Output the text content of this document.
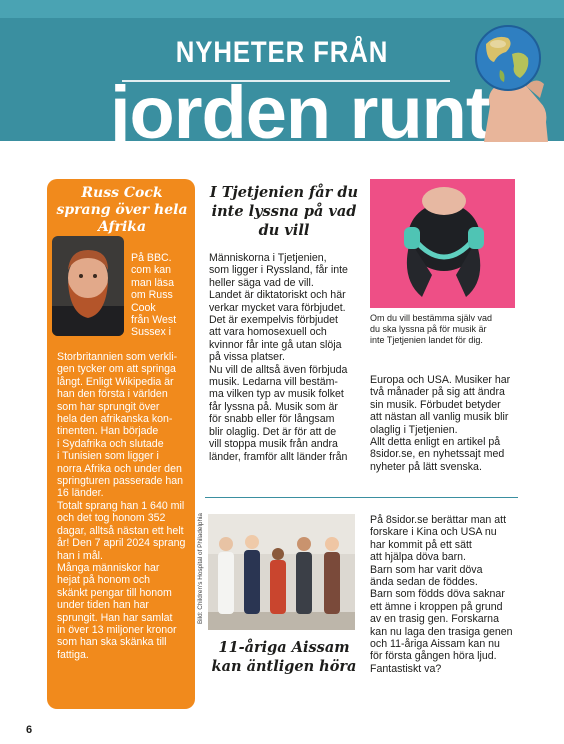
NYHETER FRÅN
jorden runt
Russ Cock sprang över hela Afrika

På BBC.

com kan

man läsa

om Russ

Cook

från West

Sussex i

Storbritannien som verkli-

gen tycker om att springa

långt. Enligt Wikipedia är

han den första i världen

som har sprungit över

hela den afrikanska kon-

tinenten. Han började

i Sydafrika och slutade

i Tunisien som ligger i

norra Afrika och under den

springturen passerade han

16 länder.

Totalt sprang han 1 640 mil

och det tog honom 352

dagar, alltså nästan ett helt

år! Den 7 april 2024 sprang

han i mål.

Många människor har

hejat på honom och

skänkt pengar till honom

under tiden han har

sprungit. Han har samlat

in över 13 miljoner kronor

som han ska skänka till

fattiga.

I Tjetjenien får du inte lyssna på vad du vill

Människorna i Tjetjenien,

som ligger i Ryssland, får inte

heller säga vad de vill.

Landet är diktatoriskt och här

verkar mycket vara förbjudet.

Det är exempelvis förbjudet

att vara homosexuell och

kvinnor får inte gå utan slöja

på vissa platser.

Nu vill de alltså även förbjuda

musik. Ledarna vill bestäm-

ma vilken typ av musik folket

får lyssna på. Musik som är

för snabb eller för långsam

blir olaglig. Det är för att de

vill stoppa musik från andra

länder, framför allt länder från

Om du vill bestämma själv vad

du ska lyssna på för musik är

inte Tjetjenien landet för dig.

Europa och USA. Musiker har

två månader på sig att ändra

sin musik. Förbudet betyder

att nästan all vanlig musik blir

olaglig i Tjetjenien.

Allt detta enligt en artikel på

8sidor.se, en nyhetssajt med

nyheter på lätt svenska.

Bild: Children's Hospital of Philadelphia
11-åriga Aissam kan äntligen höra

På 8sidor.se berättar man att

forskare i Kina och USA nu

har kommit på ett sätt

att hjälpa döva barn.

Barn som har varit döva

ända sedan de föddes.

Barn som födds döva saknar

ett ämne i kroppen på grund

av en trasig gen. Forskarna

kan nu laga den trasiga genen

och 11-åriga Aissam kan nu

för första gången höra ljud.

Fantastiskt va?

6
